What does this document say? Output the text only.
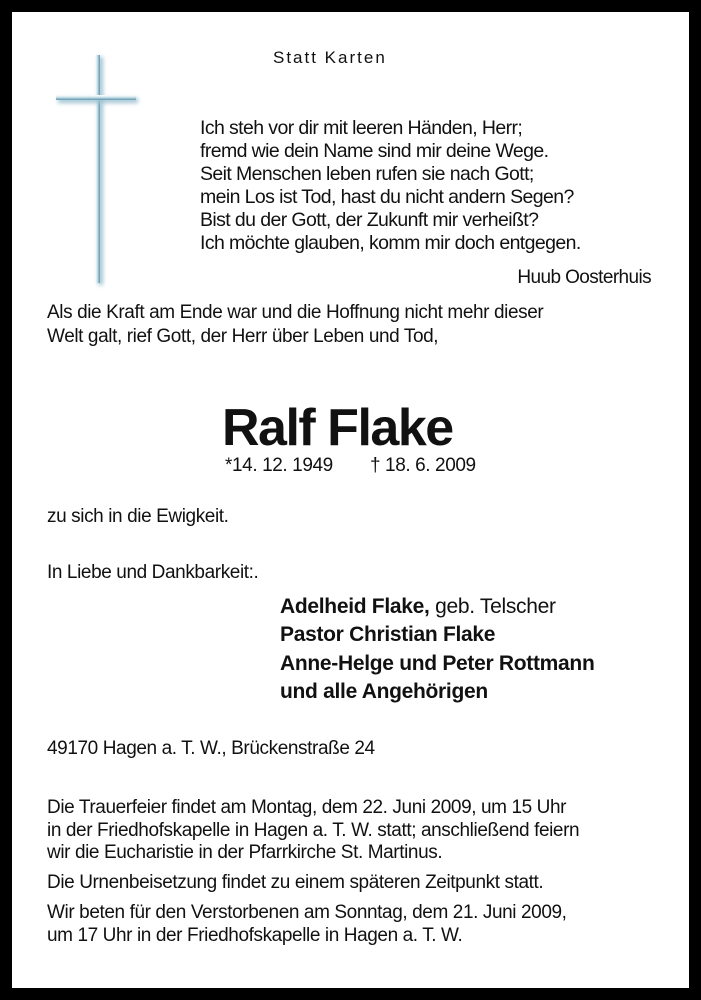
Statt Karten
Ich steh vor dir mit leeren Händen, Herr;
fremd wie dein Name sind mir deine Wege.
Seit Menschen leben rufen sie nach Gott;
mein Los ist Tod, hast du nicht andern Segen?
Bist du der Gott, der Zukunft mir verheißt?
Ich möchte glauben, komm mir doch entgegen.
Huub Oosterhuis
Als die Kraft am Ende war und die Hoffnung nicht mehr dieser
Welt galt, rief Gott, der Herr über Leben und Tod,
Ralf Flake
*14. 12. 1949 † 18. 6. 2009
zu sich in die Ewigkeit.
In Liebe und Dankbarkeit:.
Adelheid Flake, geb. Telscher
Pastor Christian Flake
Anne-Helge und Peter Rottmann
und alle Angehörigen
49170 Hagen a. T. W., Brückenstraße 24
Die Trauerfeier findet am Montag, dem 22. Juni 2009, um 15 Uhr
in der Friedhofskapelle in Hagen a. T. W. statt; anschließend feiern
wir die Eucharistie in der Pfarrkirche St. Martinus.
Die Urnenbeisetzung findet zu einem späteren Zeitpunkt statt.
Wir beten für den Verstorbenen am Sonntag, dem 21. Juni 2009,
um 17 Uhr in der Friedhofskapelle in Hagen a. T. W.
